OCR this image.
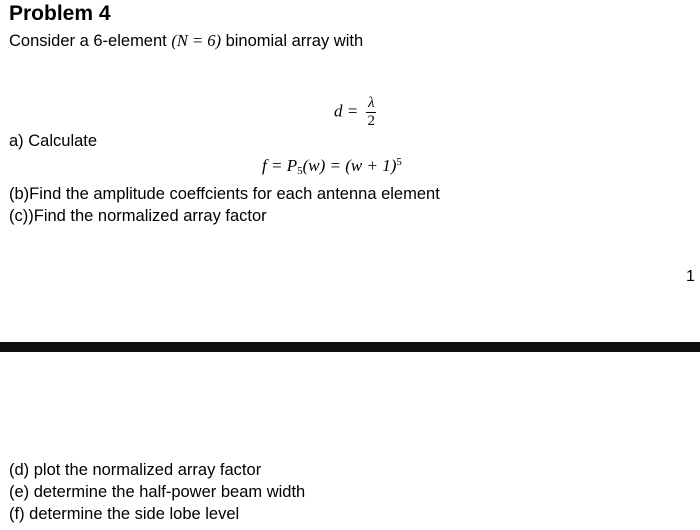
Problem 4
Consider a 6-element (N = 6) binomial array with
$d = \frac{\lambda}{2}$
a) Calculate
$f = P_5(w) = (w + 1)^5$
(b)Find the amplitude coeffcients for each antenna element
(c))Find the normalized array factor
1
(d) plot the normalized array factor
(e) determine the half-power beam width
(f) determine the side lobe level
